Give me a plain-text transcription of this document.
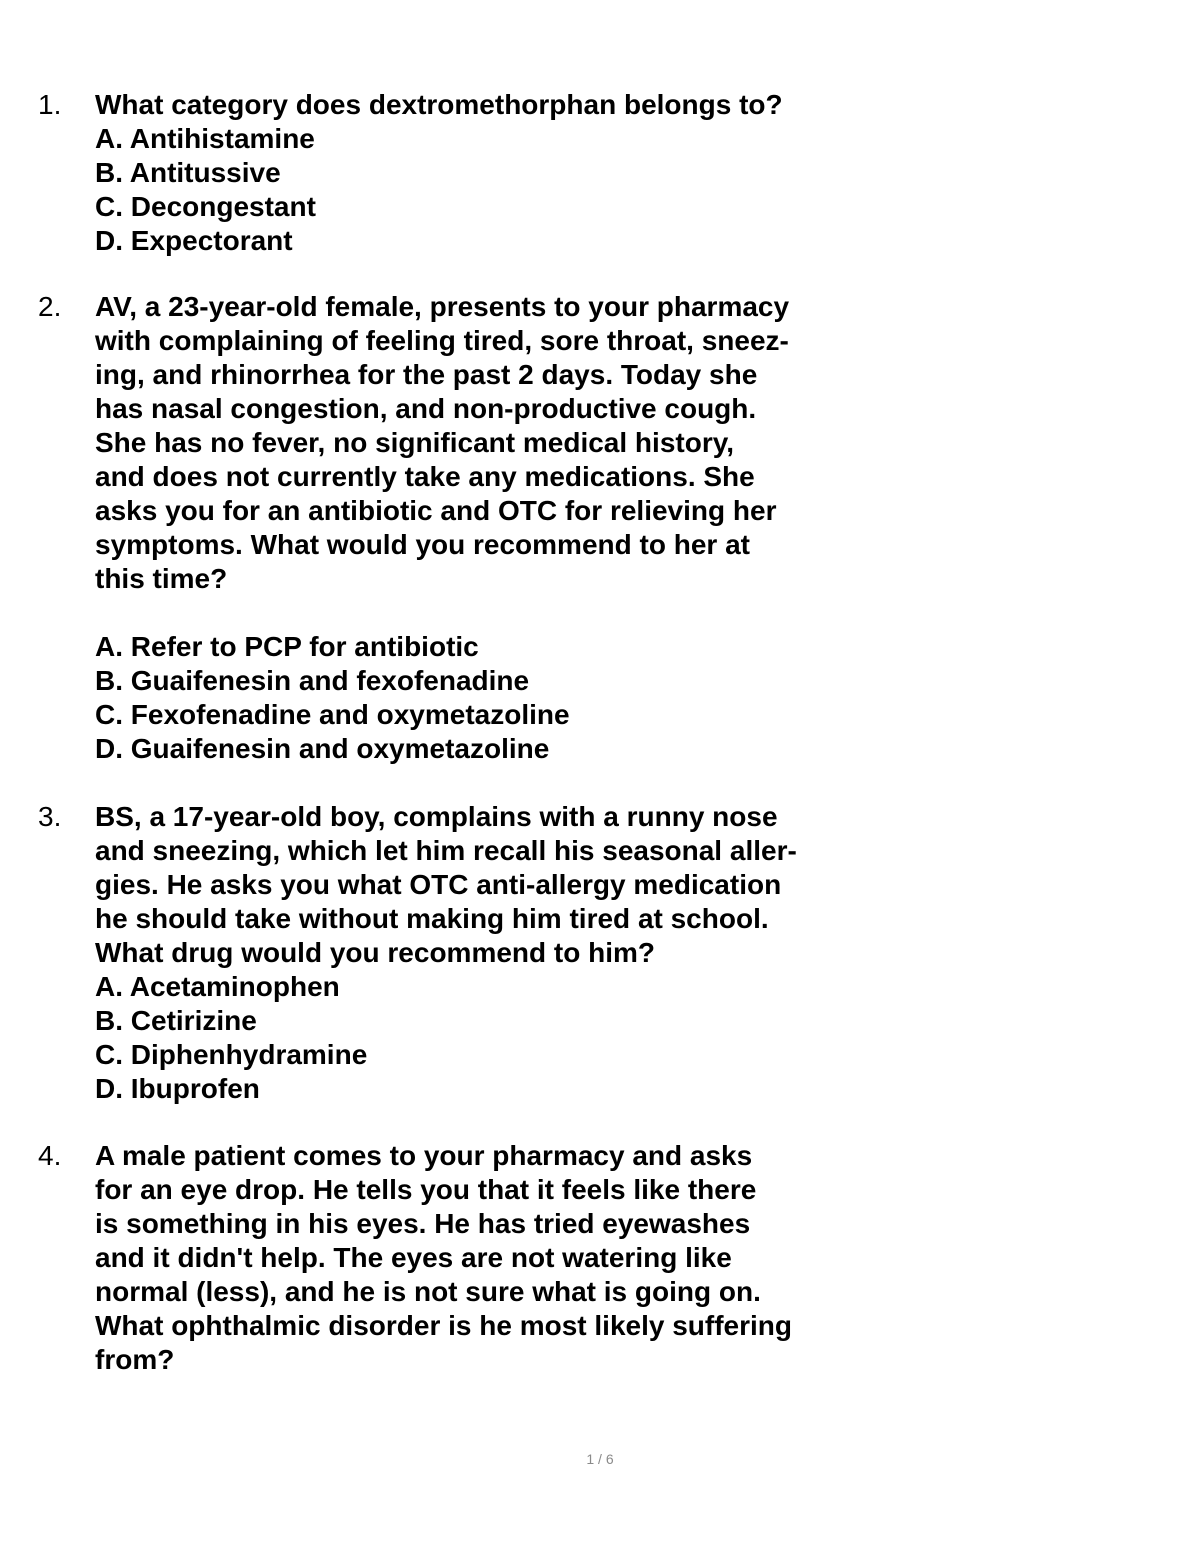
1. What category does dextromethorphan belongs to?
A. Antihistamine
B. Antitussive
C. Decongestant
D. Expectorant
2. AV, a 23-year-old female, presents to your pharmacy
with complaining of feeling tired, sore throat, sneez-
ing, and rhinorrhea for the past 2 days. Today she
has nasal congestion, and non-productive cough.
She has no fever, no significant medical history,
and does not currently take any medications. She
asks you for an antibiotic and OTC for relieving her
symptoms. What would you recommend to her at
this time?
A. Refer to PCP for antibiotic
B. Guaifenesin and fexofenadine
C. Fexofenadine and oxymetazoline
D. Guaifenesin and oxymetazoline
3. BS, a 17-year-old boy, complains with a runny nose
and sneezing, which let him recall his seasonal aller-
gies. He asks you what OTC anti-allergy medication
he should take without making him tired at school.
What drug would you recommend to him?
A. Acetaminophen
B. Cetirizine
C. Diphenhydramine
D. Ibuprofen
4. A male patient comes to your pharmacy and asks
for an eye drop. He tells you that it feels like there
is something in his eyes. He has tried eyewashes
and it didn't help. The eyes are not watering like
normal (less), and he is not sure what is going on.
What ophthalmic disorder is he most likely suffering
from?
1 / 6
